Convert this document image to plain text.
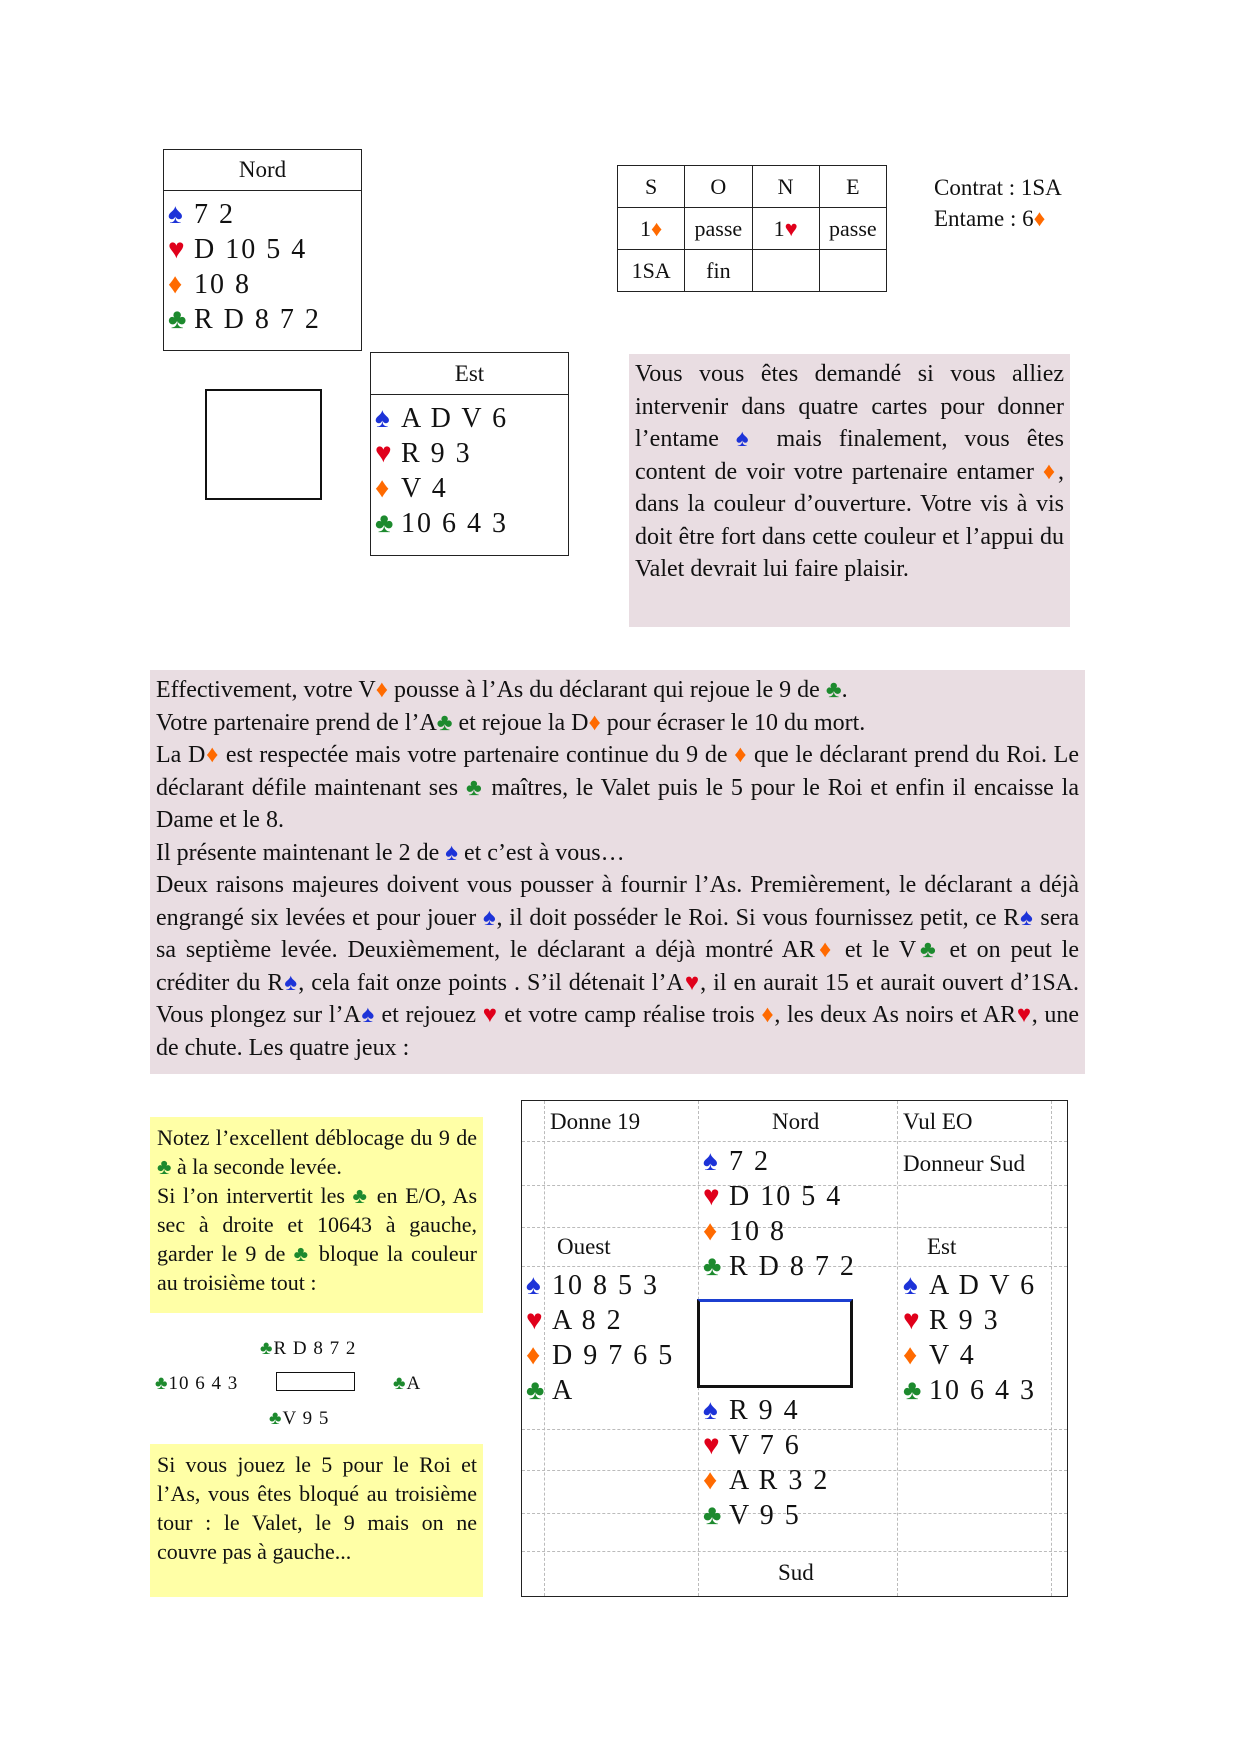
Nord
♠ 7 2
♥ D 10 5 4
♦ 10 8
♣ R D 8 7 2
Est
♠ A D V 6
♥ R 9 3
♦ V 4
♣ 10 6 4 3
S	O	N	E
1♦	passe	1♥	passe
1SA	fin		
Contrat : 1SA
Entame : 6♦
Vous vous êtes demandé si vous alliez intervenir dans quatre cartes pour donner l’entame ♠ mais finalement, vous êtes content de voir votre partenaire entamer ♦, dans la couleur d’ouverture. Votre vis à vis doit être fort dans cette couleur et l’appui du Valet devrait lui faire plaisir.
Effectivement, votre V♦ pousse à l’As du déclarant qui rejoue le 9 de ♣.
Votre partenaire prend de l’A♣ et rejoue la D♦ pour écraser le 10 du mort.
La D♦ est respectée mais votre partenaire continue du 9 de ♦ que le déclarant prend du Roi. Le déclarant défile maintenant ses ♣ maîtres, le Valet puis le 5 pour le Roi et enfin il encaisse la Dame et le 8.
Il présente maintenant le 2 de ♠ et c’est à vous…
Deux raisons majeures doivent vous pousser à fournir l’As. Premièrement, le déclarant a déjà engrangé six levées et pour jouer ♠, il doit posséder le Roi. Si vous fournissez petit, ce R♠ sera sa septième levée. Deuxièmement, le déclarant a déjà montré AR♦ et le V♣ et on peut le créditer du R♠, cela fait onze points . S’il détenait l’A♥, il en aurait 15 et aurait ouvert d’1SA. Vous plongez sur l’A♠ et rejouez ♥ et votre camp réalise trois ♦, les deux As noirs et AR♥, une de chute. Les quatre jeux :
Notez l’excellent déblocage du 9 de ♣ à la seconde levée.
Si l’on intervertit les ♣ en E/O, As sec à droite et 10643 à gauche, garder le 9 de ♣ bloque la couleur au troisième tout :
♣R D 8 7 2
♣10 6 4 3	♣A
♣V 9 5
Si vous jouez le 5 pour le Roi et l’As, vous êtes bloqué au troisième tour : le Valet, le 9 mais on ne couvre pas à gauche...
Donne 19	Nord	Vul EO
Donneur Sud
Ouest	Est
Sud
♠ 7 2
♥ D 10 5 4
♦ 10 8
♣ R D 8 7 2
♠ 10 8 5 3
♥ A 8 2
♦ D 9 7 6 5
♣ A
♠ A D V 6
♥ R 9 3
♦ V 4
♣ 10 6 4 3
♠ R 9 4
♥ V 7 6
♦ A R 3 2
♣ V 9 5
